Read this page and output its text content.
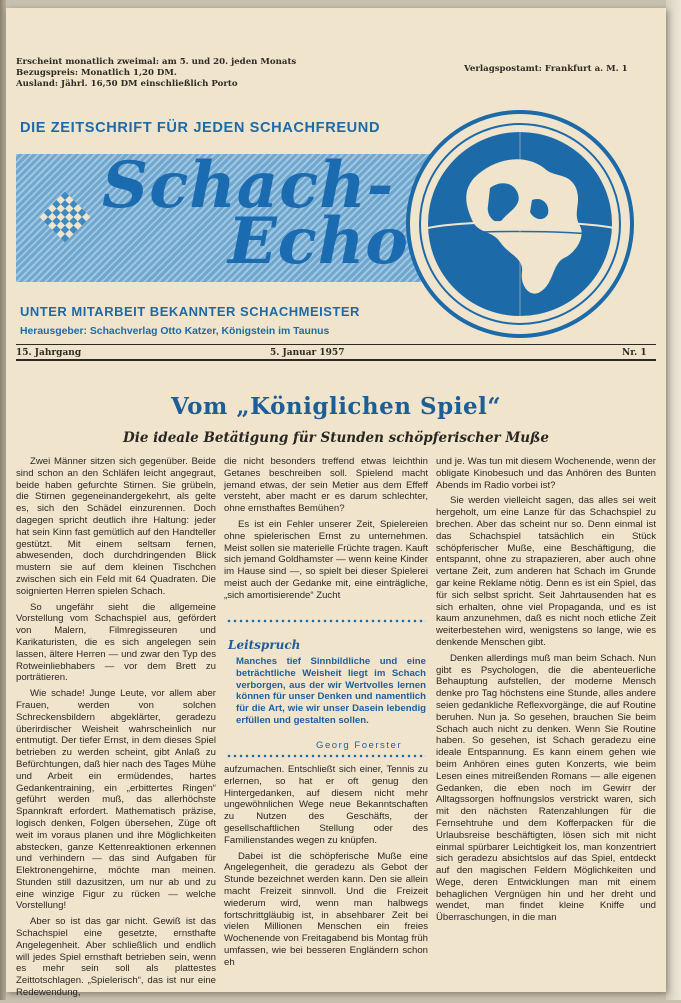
Erscheint monatlich zweimal: am 5. und 20. jeden Monats
Bezugspreis: Monatlich 1,20 DM.
Ausland: Jährl. 16,50 DM einschließlich Porto
Verlagspostamt: Frankfurt a. M. 1
DIE ZEITSCHRIFT FÜR JEDEN SCHACHFREUND
Schach-
Echo
UNTER MITARBEIT BEKANNTER SCHACHMEISTER
Herausgeber: Schachverlag Otto Katzer, Königstein im Taunus
15. Jahrgang	5. Januar 1957	Nr. 1
Vom „Königlichen Spiel“
Die ideale Betätigung für Stunden schöpferischer Muße

Zwei Männer sitzen sich gegenüber. Beide sind schon an den Schläfen leicht angegraut, beide haben gefurchte Stirnen. Sie grübeln, die Stirnen gegeneinandergekehrt, als gelte es, sich den Schädel einzurennen. Doch dagegen spricht deutlich ihre Haltung: jeder hat sein Kinn fast gemütlich auf den Handteller gestützt. Mit einem seltsam fernen, abwesenden, doch durchdringenden Blick mustern sie auf dem kleinen Tischchen zwischen sich ein Feld mit 64 Quadraten. Die soignierten Herren spielen Schach.

So ungefähr sieht die allgemeine Vorstellung vom Schachspiel aus, gefördert von Malern, Filmregisseuren und Karikaturisten, die es sich angelegen sein lassen, ältere Herren — und zwar den Typ des Rotweinliebhabers — vor dem Brett zu porträtieren.

Wie schade! Junge Leute, vor allem aber Frauen, werden von solchen Schreckensbildern abgeklärter, geradezu überirdischer Weisheit wahrscheinlich nur entmutigt. Der tiefer Ernst, in dem dieses Spiel betrieben zu werden scheint, gibt Anlaß zu Befürchtungen, daß hier nach des Tages Mühe und Arbeit ein ermüdendes, hartes Gedankentraining, ein „erbittertes Ringen“ geführt werden muß, das allerhöchste Spannkraft erfordert. Mathematisch präzise, logisch denken, Folgen übersehen, Züge oft weit im voraus planen und ihre Möglichkeiten abstecken, ganze Kettenreaktionen erkennen und verhindern — das sind Aufgaben für Elektronengehirne, möchte man meinen. Stunden still dazusitzen, um nur ab und zu eine winzige Figur zu rücken — welche Vorstellung!

Aber so ist das gar nicht. Gewiß ist das Schachspiel eine gesetzte, ernsthafte Angelegenheit. Aber schließlich und endlich will jedes Spiel ernsthaft betrieben sein, wenn es mehr sein soll als plattestes Zeittotschlagen. „Spielerisch“, das ist nur eine Redewendung,

die nicht besonders treffend etwas leichthin Getanes beschreiben soll. Spielend macht jemand etwas, der sein Metier aus dem Effeff versteht, aber macht er es darum schlechter, ohne ernsthaftes Bemühen?

Es ist ein Fehler unserer Zeit, Spielereien ohne spielerischen Ernst zu unternehmen. Meist sollen sie materielle Früchte tragen. Kauft sich jemand Goldhamster — wenn keine Kinder im Hause sind —, so spielt bei dieser Spielerei meist auch der Gedanke mit, eine einträgliche, „sich amortisierende“ Zucht

Leitspruch
Manches tief Sinnbildliche und eine beträchtliche Weisheit liegt im Schach verborgen, aus der wir Wertvolles lernen können für unser Denken und namentlich für die Art, wie wir unser Dasein lebendig erfüllen und gestalten sollen.
Georg Foerster

aufzumachen. Entschließt sich einer, Tennis zu erlernen, so hat er oft genug den Hintergedanken, auf diesem nicht mehr ungewöhnlichen Wege neue Bekanntschaften zu Nutzen des Geschäfts, der gesellschaftlichen Stellung oder des Familienstandes wegen zu knüpfen.

Dabei ist die schöpferische Muße eine Angelegenheit, die geradezu als Gebot der Stunde bezeichnet werden kann. Den sie allein macht Freizeit sinnvoll. Und die Freizeit wiederum wird, wenn man halbwegs fortschrittgläubig ist, in absehbarer Zeit bei vielen Millionen Menschen ein freies Wochenende von Freitagabend bis Montag früh umfassen, wie bei besseren Engländern schon eh

und je. Was tun mit diesem Wochenende, wenn der obligate Kinobesuch und das Anhören des Bunten Abends im Radio vorbei ist?

Sie werden vielleicht sagen, das alles sei weit hergeholt, um eine Lanze für das Schachspiel zu brechen. Aber das scheint nur so. Denn einmal ist das Schachspiel tatsächlich ein Stück schöpferischer Muße, eine Beschäftigung, die entspannt, ohne zu strapazieren, aber auch ohne vertane Zeit, zum anderen hat Schach im Grunde gar keine Reklame nötig. Denn es ist ein Spiel, das für sich selbst spricht. Seit Jahrtausenden hat es sich erhalten, ohne viel Propaganda, und es ist kaum anzunehmen, daß es nicht noch etliche Zeit weiterbestehen wird, wenigstens so lange, wie es denkende Menschen gibt.

Denken allerdings muß man beim Schach. Nun gibt es Psychologen, die die abenteuerliche Behauptung aufstellen, der moderne Mensch denke pro Tag höchstens eine Stunde, alles andere seien gedankliche Reflexvorgänge, die auf Routine beruhen. Nun ja. So gesehen, brauchen Sie beim Schach auch nicht zu denken. Wenn Sie Routine haben. So gesehen, ist Schach geradezu eine ideale Entspannung. Es kann einem gehen wie beim Anhören eines guten Konzerts, wie beim Lesen eines mitreißenden Romans — alle eigenen Gedanken, die eben noch im Gewirr der Alltagssorgen hoffnungslos verstrickt waren, sich mit den nächsten Ratenzahlungen für die Fernsehtruhe und dem Kofferpacken für die Urlaubsreise beschäftigten, lösen sich mit nicht einmal spürbarer Leichtigkeit los, man konzentriert sich geradezu absichtslos auf das Spiel, entdeckt auf den magischen Feldern Möglichkeiten und Wege, deren Entwicklungen man mit einem behaglichen Vergnügen hin und her dreht und wendet, man findet kleine Kniffe und Überraschungen, in die man
